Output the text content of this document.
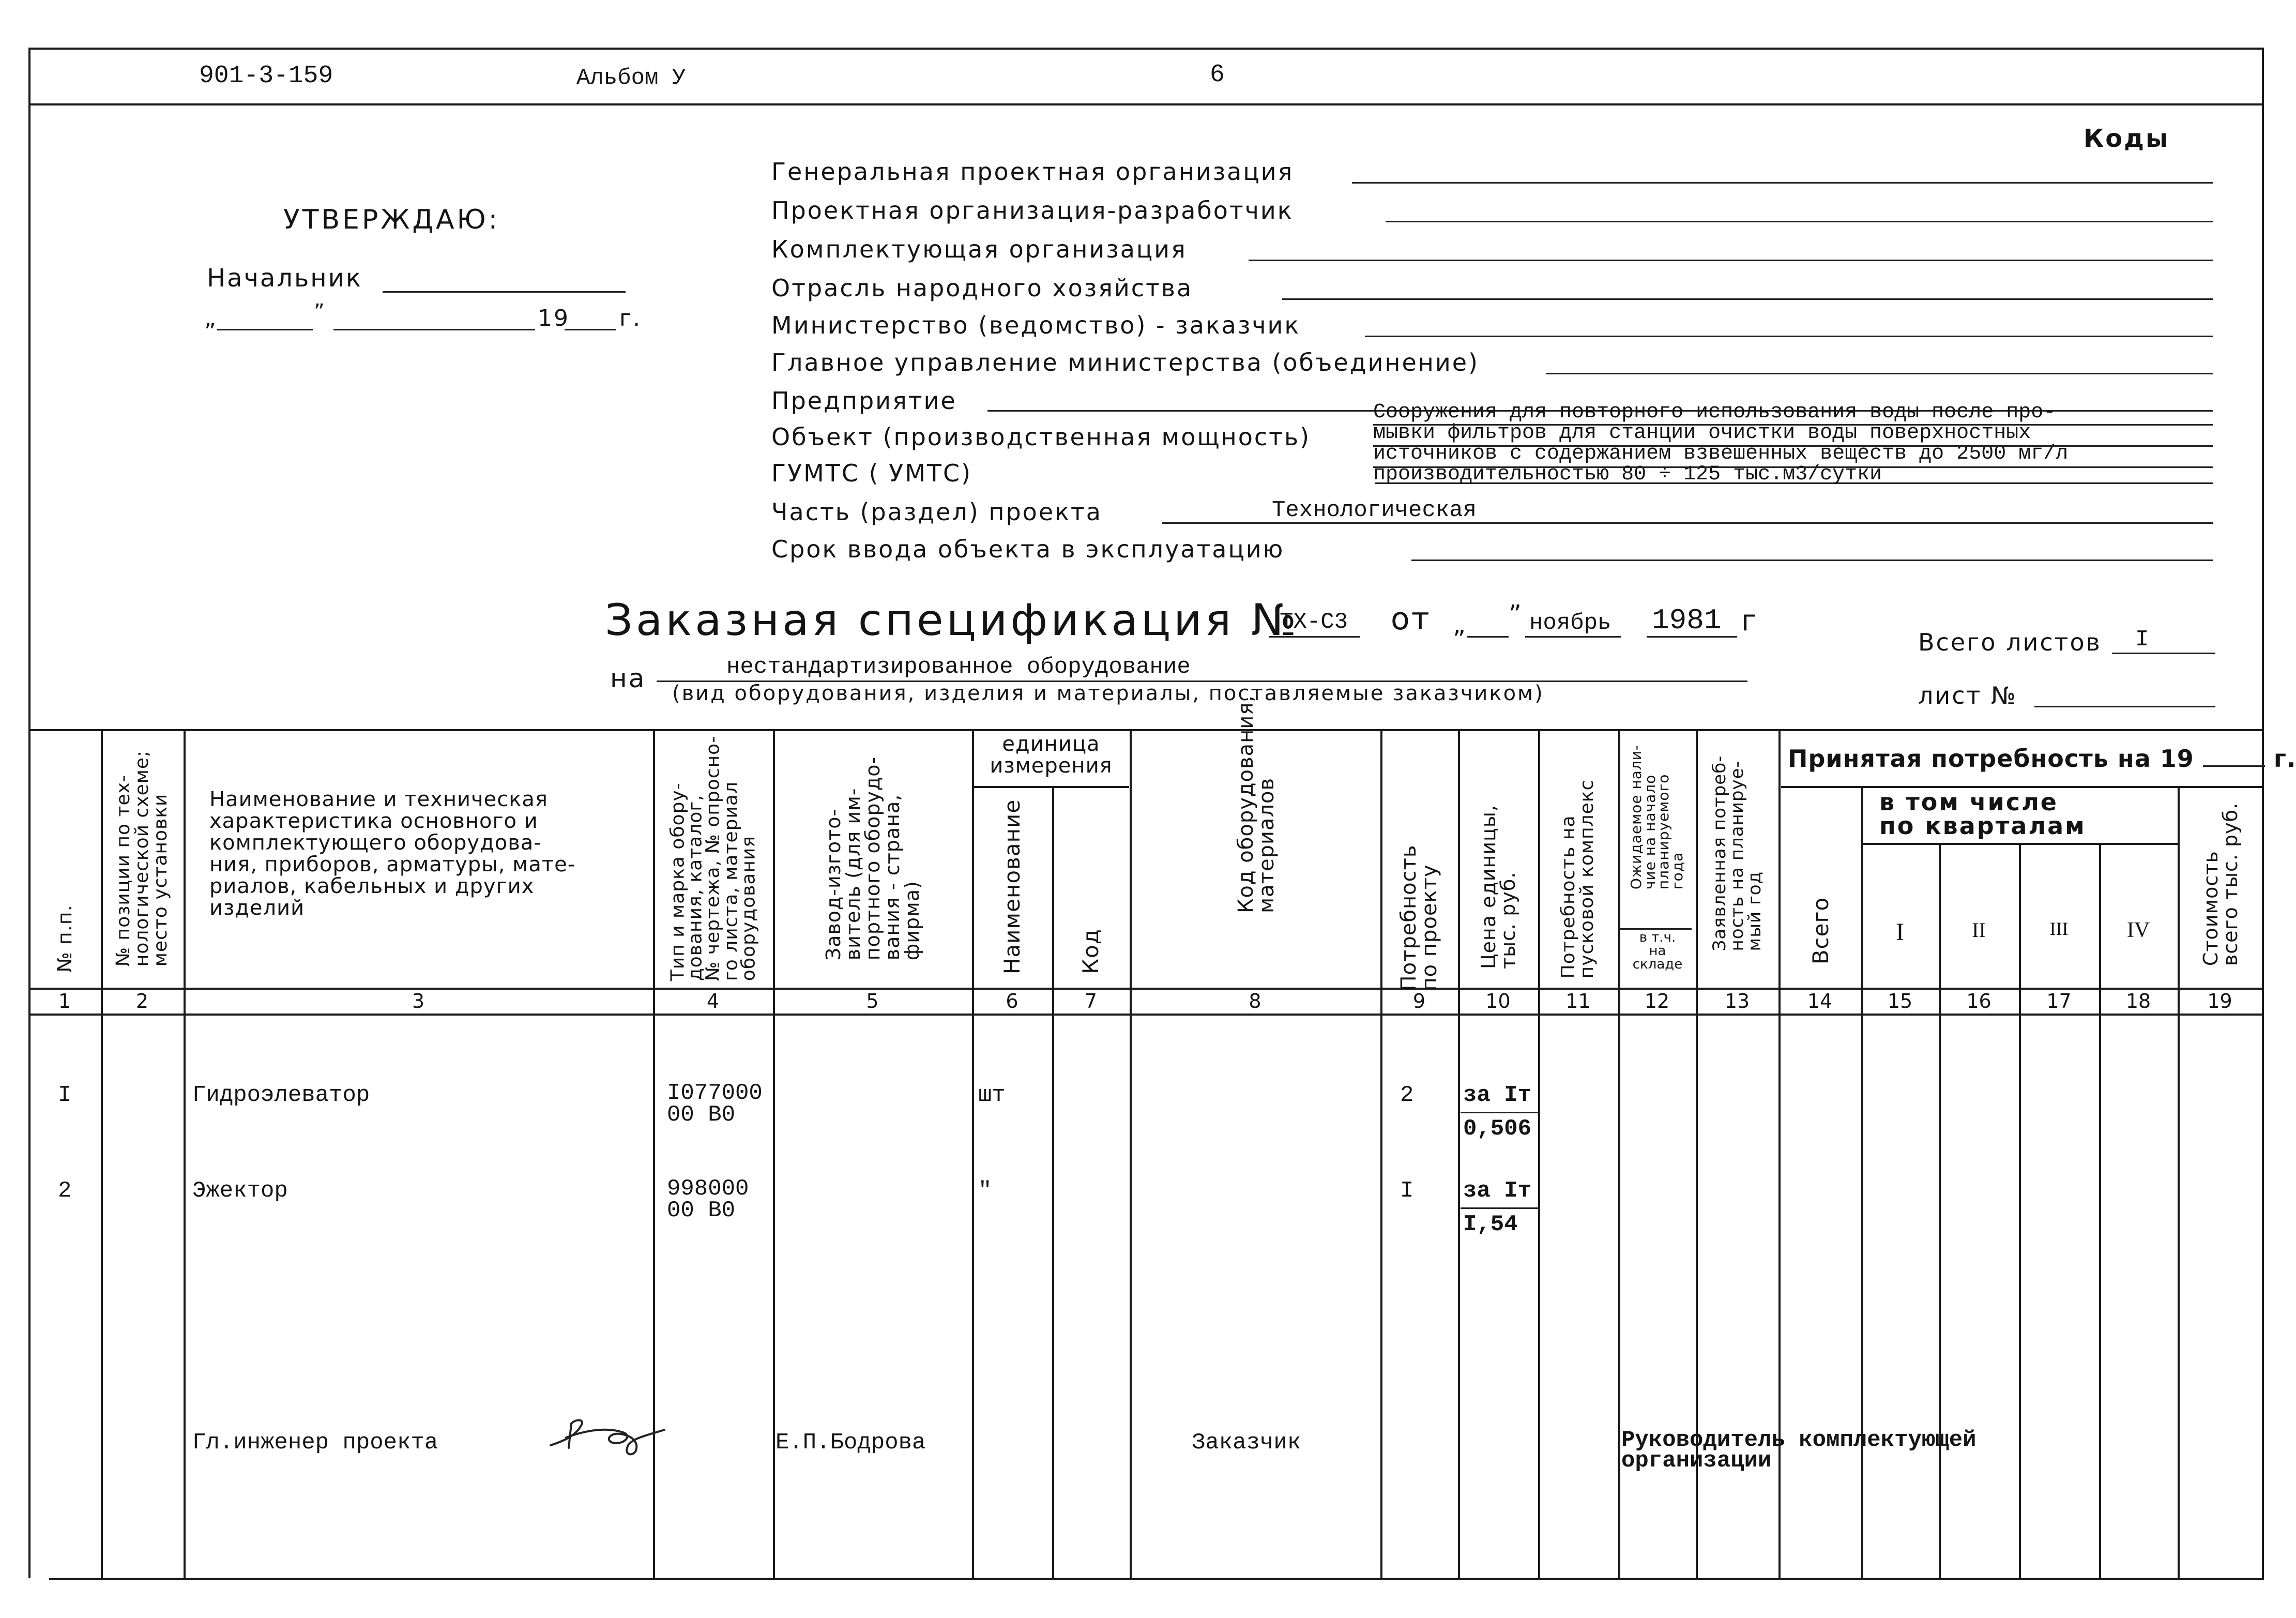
901-3-159	Альбом У	6
УТВЕРЖДАЮ:
Начальник
„	”	19 г.
Коды
Генеральная проектная организация
Проектная организация-разработчик
Комплектующая организация
Отрасль народного хозяйства
Министерство (ведомство) - заказчик
Главное управление министерства (объединение)
Предприятие
Объект (производственная мощность)
ГУМТС ( УМТС)
Сооружения для повторного использования воды после про-
мывки фильтров для станции очистки воды поверхностных
источников с содержанием взвешенных веществ до 2500 мг/л
производительностью 80 ÷ 125 тыс.м3/сутки
Часть (раздел) проекта	Технологическая
Срок ввода объекта в эксплуатацию
Заказная спецификация №
TX-C3 от „ ” ноябрь 1981 г
Всего листов I
на	нестандартизированное оборудование
(вид оборудования, изделия и материалы, поставляемые заказчиком)	лист №
№ п.п. № позиции по тех-
нологической схеме;
место установки Наименование и техническая
характеристика основного и
комплектующего оборудова-
ния, приборов, арматуры, мате-
риалов, кабельных и других
изделий	Тип и марка обору-
дования, каталог,
№ чертежа, № опросно-
го листа, материал
оборудования	Завод-изгото-
витель (для им-
портного оборудо-
вания - страна,
фирма)
единица
измерения
Наименование Код
Код оборудования,
материалов	Потребность
по проекту Цена единицы,
тыс. руб. Потребность на
пусковой комплекс Ожидаемое нали-
чие на начало
планируемого
года
в т.ч.
на
складе
Заявленная потреб-
ность на планируе-
мый год
Принятая потребность на 19	г.
Всего
в том числе
по кварталам
I	II	III	IV	Стоимость
всего тыс. руб.
1	2	3	4	5	6	7	8	9	10	11	12	13	14	15	16	17	18	19
I	Гидроэлеватор	I077000
00 В0
шт	2 за Iт
0,506
2	Эжектор	998000
00 В0
"	I за Iт
I,54
Гл.инженер проекта	Е.П.Бодрова	Заказчик	Руководитель комплектующей
организации
